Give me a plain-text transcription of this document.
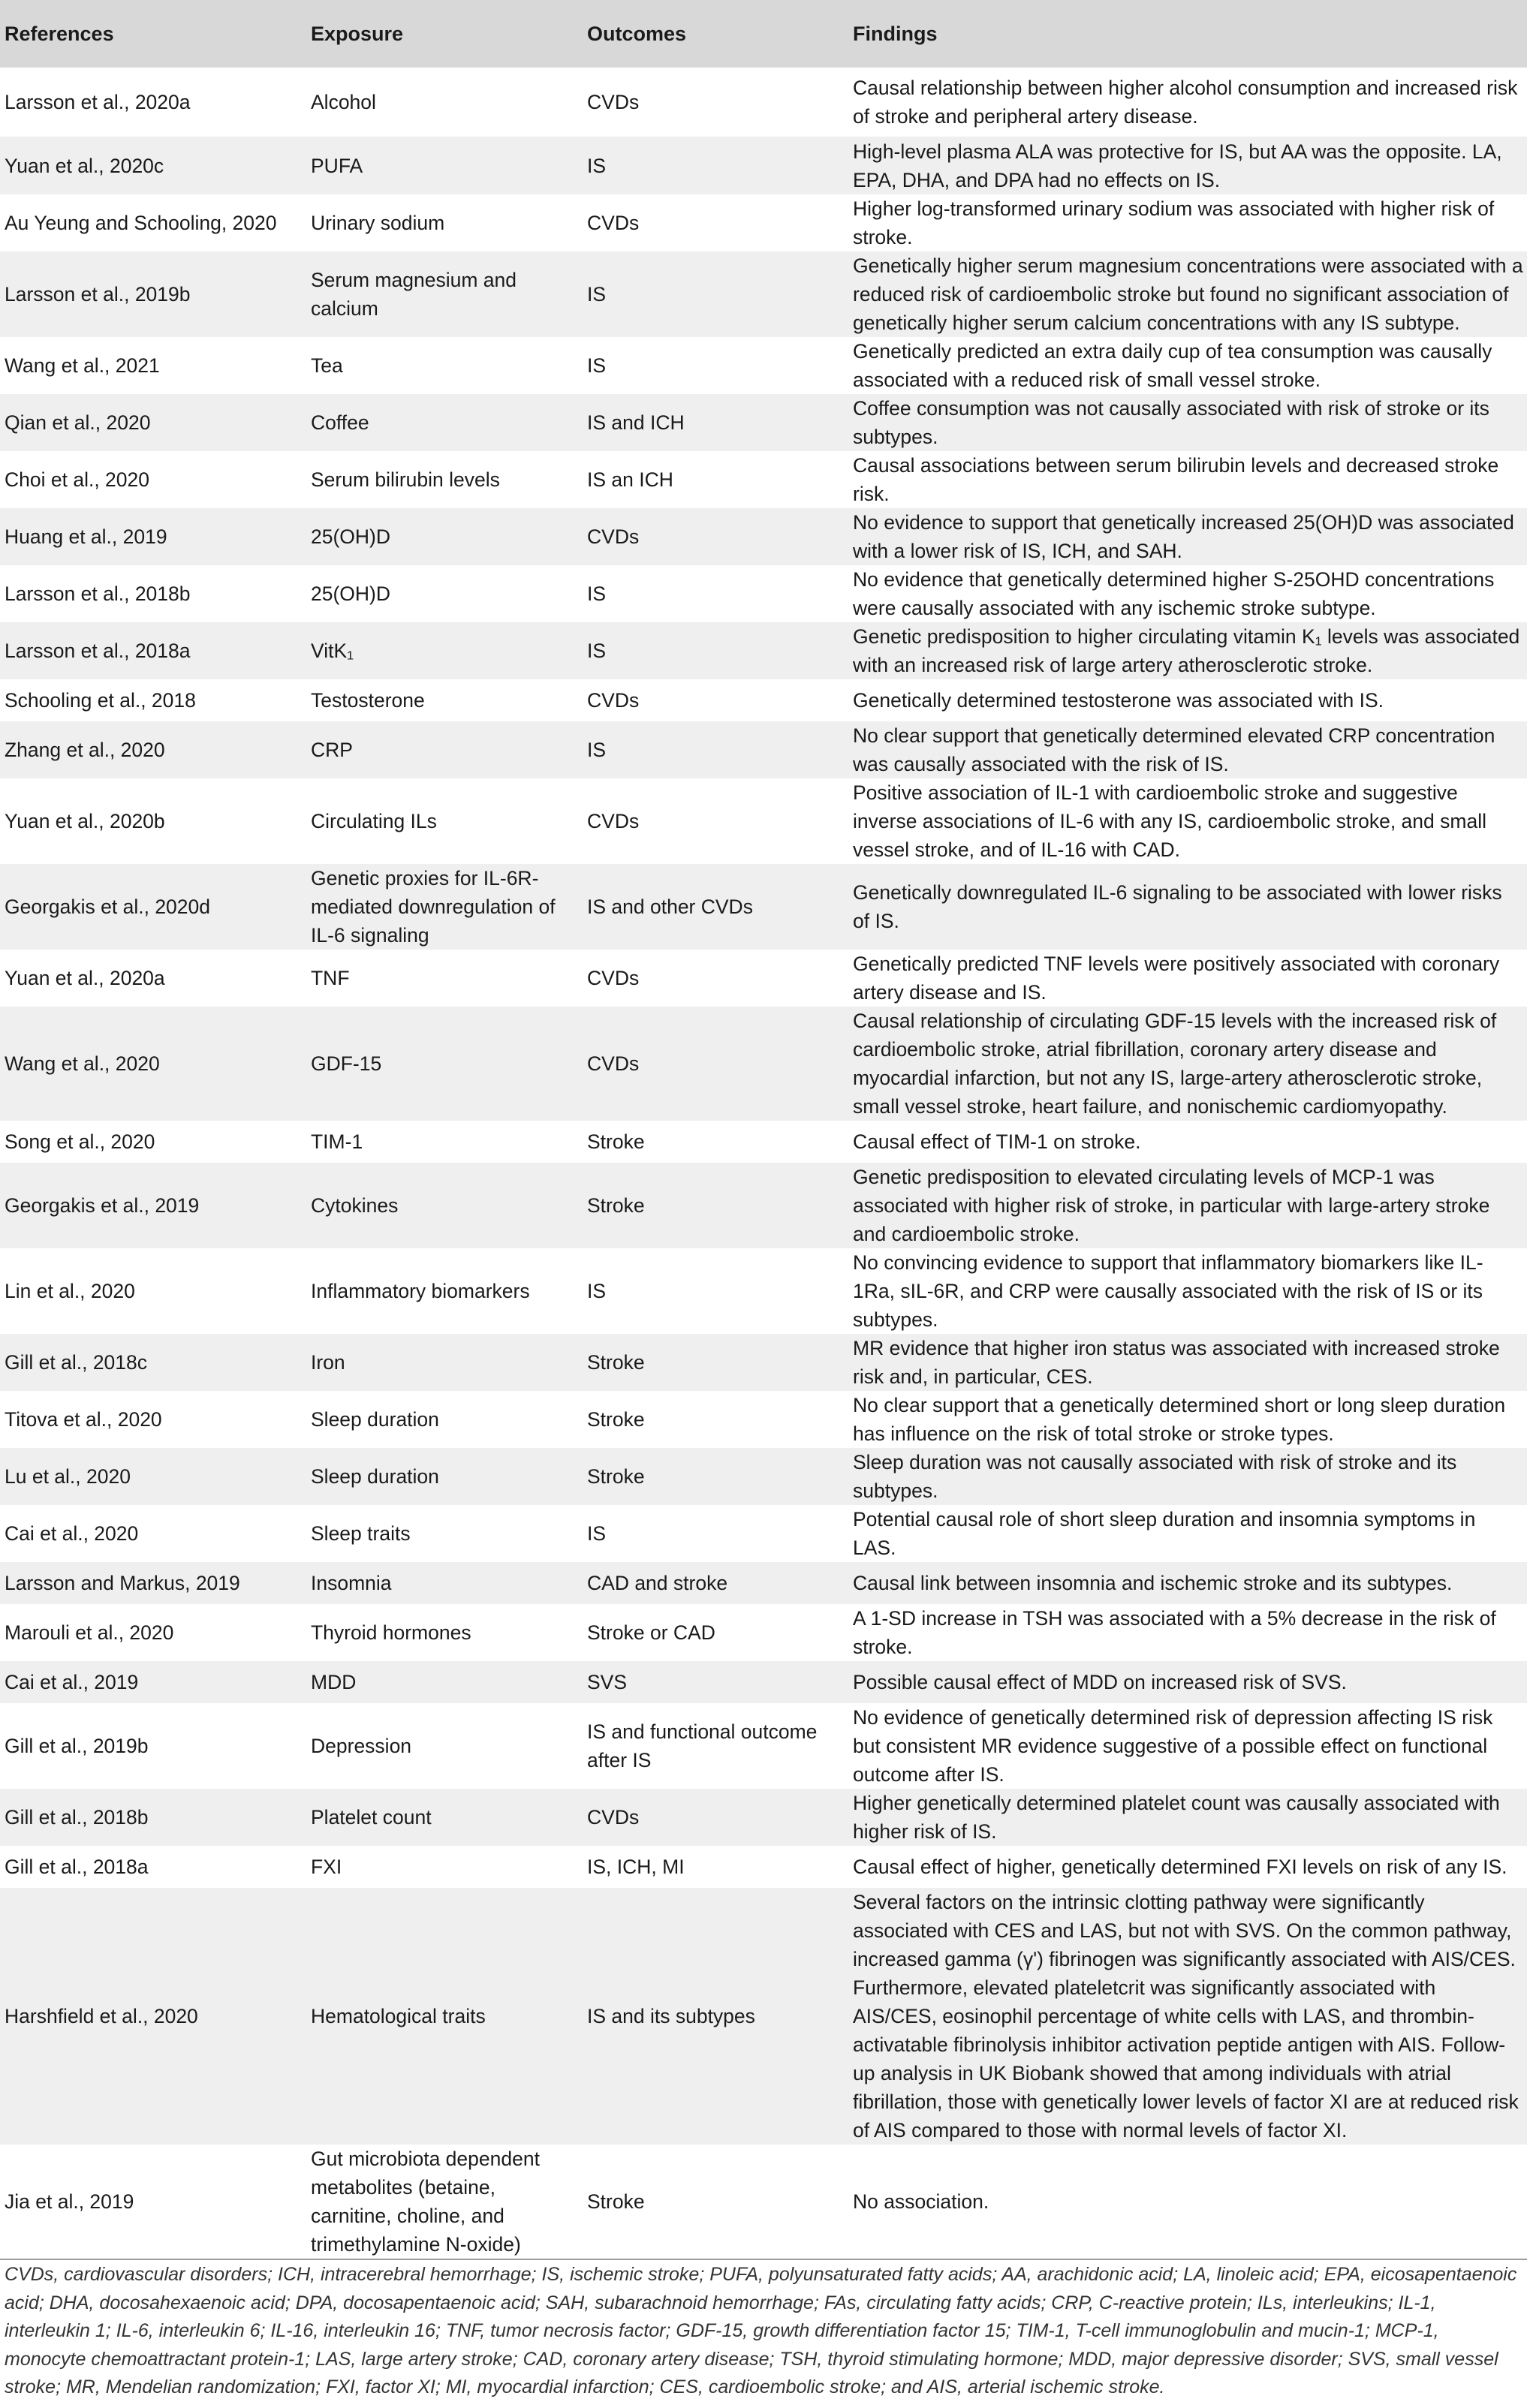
References	Exposure	Outcomes	Findings
Larsson et al., 2020a	Alcohol	CVDs	Causal relationship between higher alcohol consumption and increased risk of stroke and peripheral artery disease.
Yuan et al., 2020c	PUFA	IS	High-level plasma ALA was protective for IS, but AA was the opposite. LA, EPA, DHA, and DPA had no effects on IS.
Au Yeung and Schooling, 2020	Urinary sodium	CVDs	Higher log-transformed urinary sodium was associated with higher risk of stroke.
Larsson et al., 2019b	Serum magnesium and calcium	IS	Genetically higher serum magnesium concentrations were associated with a reduced risk of cardioembolic stroke but found no significant association of genetically higher serum calcium concentrations with any IS subtype.
Wang et al., 2021	Tea	IS	Genetically predicted an extra daily cup of tea consumption was causally associated with a reduced risk of small vessel stroke.
Qian et al., 2020	Coffee	IS and ICH	Coffee consumption was not causally associated with risk of stroke or its subtypes.
Choi et al., 2020	Serum bilirubin levels	IS an ICH	Causal associations between serum bilirubin levels and decreased stroke risk.
Huang et al., 2019	25(OH)D	CVDs	No evidence to support that genetically increased 25(OH)D was associated with a lower risk of IS, ICH, and SAH.
Larsson et al., 2018b	25(OH)D	IS	No evidence that genetically determined higher S-25OHD concentrations were causally associated with any ischemic stroke subtype.
Larsson et al., 2018a	VitK₁	IS	Genetic predisposition to higher circulating vitamin K₁ levels was associated with an increased risk of large artery atherosclerotic stroke.
Schooling et al., 2018	Testosterone	CVDs	Genetically determined testosterone was associated with IS.
Zhang et al., 2020	CRP	IS	No clear support that genetically determined elevated CRP concentration was causally associated with the risk of IS.
Yuan et al., 2020b	Circulating ILs	CVDs	Positive association of IL-1 with cardioembolic stroke and suggestive inverse associations of IL-6 with any IS, cardioembolic stroke, and small vessel stroke, and of IL-16 with CAD.
Georgakis et al., 2020d	Genetic proxies for IL-6R-mediated downregulation of IL-6 signaling	IS and other CVDs	Genetically downregulated IL-6 signaling to be associated with lower risks of IS.
Yuan et al., 2020a	TNF	CVDs	Genetically predicted TNF levels were positively associated with coronary artery disease and IS.
Wang et al., 2020	GDF-15	CVDs	Causal relationship of circulating GDF-15 levels with the increased risk of cardioembolic stroke, atrial fibrillation, coronary artery disease and myocardial infarction, but not any IS, large-artery atherosclerotic stroke, small vessel stroke, heart failure, and nonischemic cardiomyopathy.
Song et al., 2020	TIM-1	Stroke	Causal effect of TIM-1 on stroke.
Georgakis et al., 2019	Cytokines	Stroke	Genetic predisposition to elevated circulating levels of MCP-1 was associated with higher risk of stroke, in particular with large-artery stroke and cardioembolic stroke.
Lin et al., 2020	Inflammatory biomarkers	IS	No convincing evidence to support that inflammatory biomarkers like IL-1Ra, sIL-6R, and CRP were causally associated with the risk of IS or its subtypes.
Gill et al., 2018c	Iron	Stroke	MR evidence that higher iron status was associated with increased stroke risk and, in particular, CES.
Titova et al., 2020	Sleep duration	Stroke	No clear support that a genetically determined short or long sleep duration has influence on the risk of total stroke or stroke types.
Lu et al., 2020	Sleep duration	Stroke	Sleep duration was not causally associated with risk of stroke and its subtypes.
Cai et al., 2020	Sleep traits	IS	Potential causal role of short sleep duration and insomnia symptoms in LAS.
Larsson and Markus, 2019	Insomnia	CAD and stroke	Causal link between insomnia and ischemic stroke and its subtypes.
Marouli et al., 2020	Thyroid hormones	Stroke or CAD	A 1-SD increase in TSH was associated with a 5% decrease in the risk of stroke.
Cai et al., 2019	MDD	SVS	Possible causal effect of MDD on increased risk of SVS.
Gill et al., 2019b	Depression	IS and functional outcome after IS	No evidence of genetically determined risk of depression affecting IS risk but consistent MR evidence suggestive of a possible effect on functional outcome after IS.
Gill et al., 2018b	Platelet count	CVDs	Higher genetically determined platelet count was causally associated with higher risk of IS.
Gill et al., 2018a	FXI	IS, ICH, MI	Causal effect of higher, genetically determined FXI levels on risk of any IS.
Harshfield et al., 2020	Hematological traits	IS and its subtypes	Several factors on the intrinsic clotting pathway were significantly associated with CES and LAS, but not with SVS. On the common pathway, increased gamma (γ') fibrinogen was significantly associated with AIS/CES. Furthermore, elevated plateletcrit was significantly associated with AIS/CES, eosinophil percentage of white cells with LAS, and thrombin-activatable fibrinolysis inhibitor activation peptide antigen with AIS. Follow-up analysis in UK Biobank showed that among individuals with atrial fibrillation, those with genetically lower levels of factor XI are at reduced risk of AIS compared to those with normal levels of factor XI.
Jia et al., 2019	Gut microbiota dependent metabolites (betaine, carnitine, choline, and trimethylamine N-oxide)	Stroke	No association.
CVDs, cardiovascular disorders; ICH, intracerebral hemorrhage; IS, ischemic stroke; PUFA, polyunsaturated fatty acids; AA, arachidonic acid; LA, linoleic acid; EPA, eicosapentaenoic acid; DHA, docosahexaenoic acid; DPA, docosapentaenoic acid; SAH, subarachnoid hemorrhage; FAs, circulating fatty acids; CRP, C-reactive protein; ILs, interleukins; IL-1, interleukin 1; IL-6, interleukin 6; IL-16, interleukin 16; TNF, tumor necrosis factor; GDF-15, growth differentiation factor 15; TIM-1, T-cell immunoglobulin and mucin-1; MCP-1, monocyte chemoattractant protein-1; LAS, large artery stroke; CAD, coronary artery disease; TSH, thyroid stimulating hormone; MDD, major depressive disorder; SVS, small vessel stroke; MR, Mendelian randomization; FXI, factor XI; MI, myocardial infarction; CES, cardioembolic stroke; and AIS, arterial ischemic stroke.
